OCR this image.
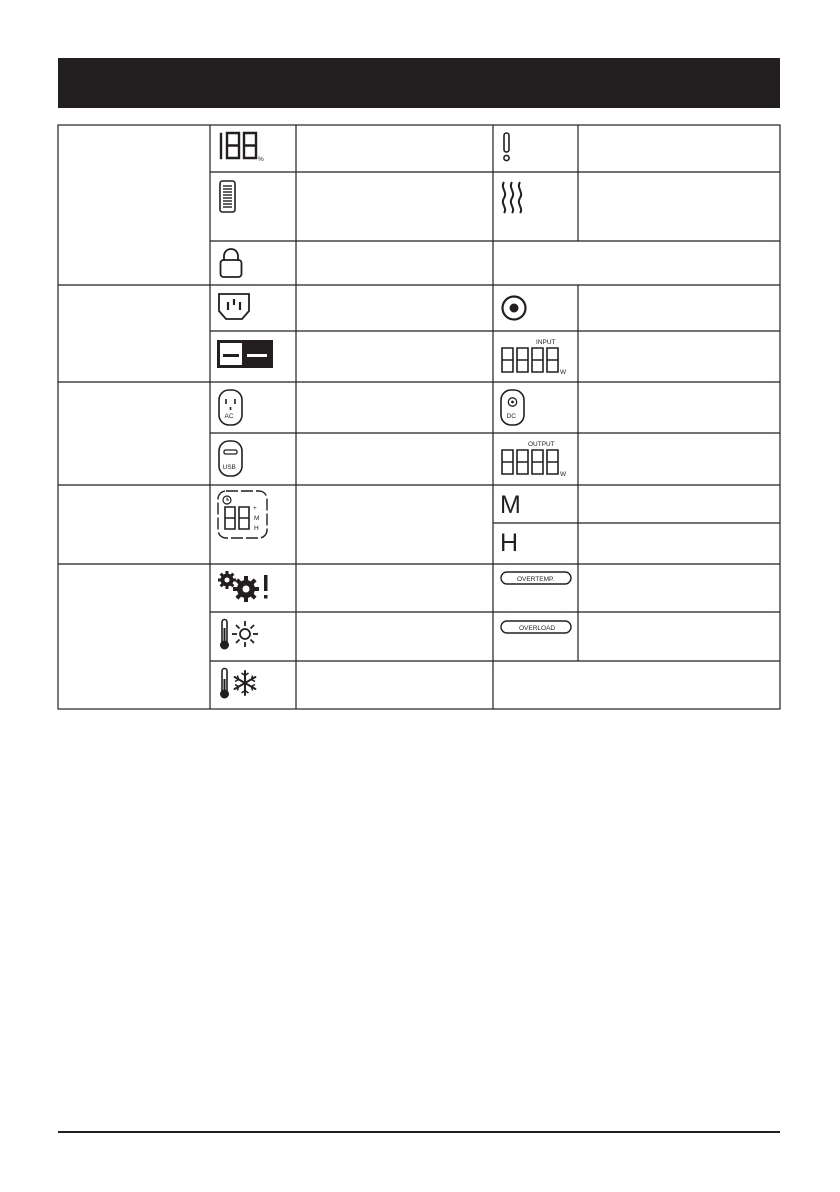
%
INPUT
W
AC	DC
USB
OUTPUT
W
+
M
H
M
H
OVERTEMP.
OVERLOAD
